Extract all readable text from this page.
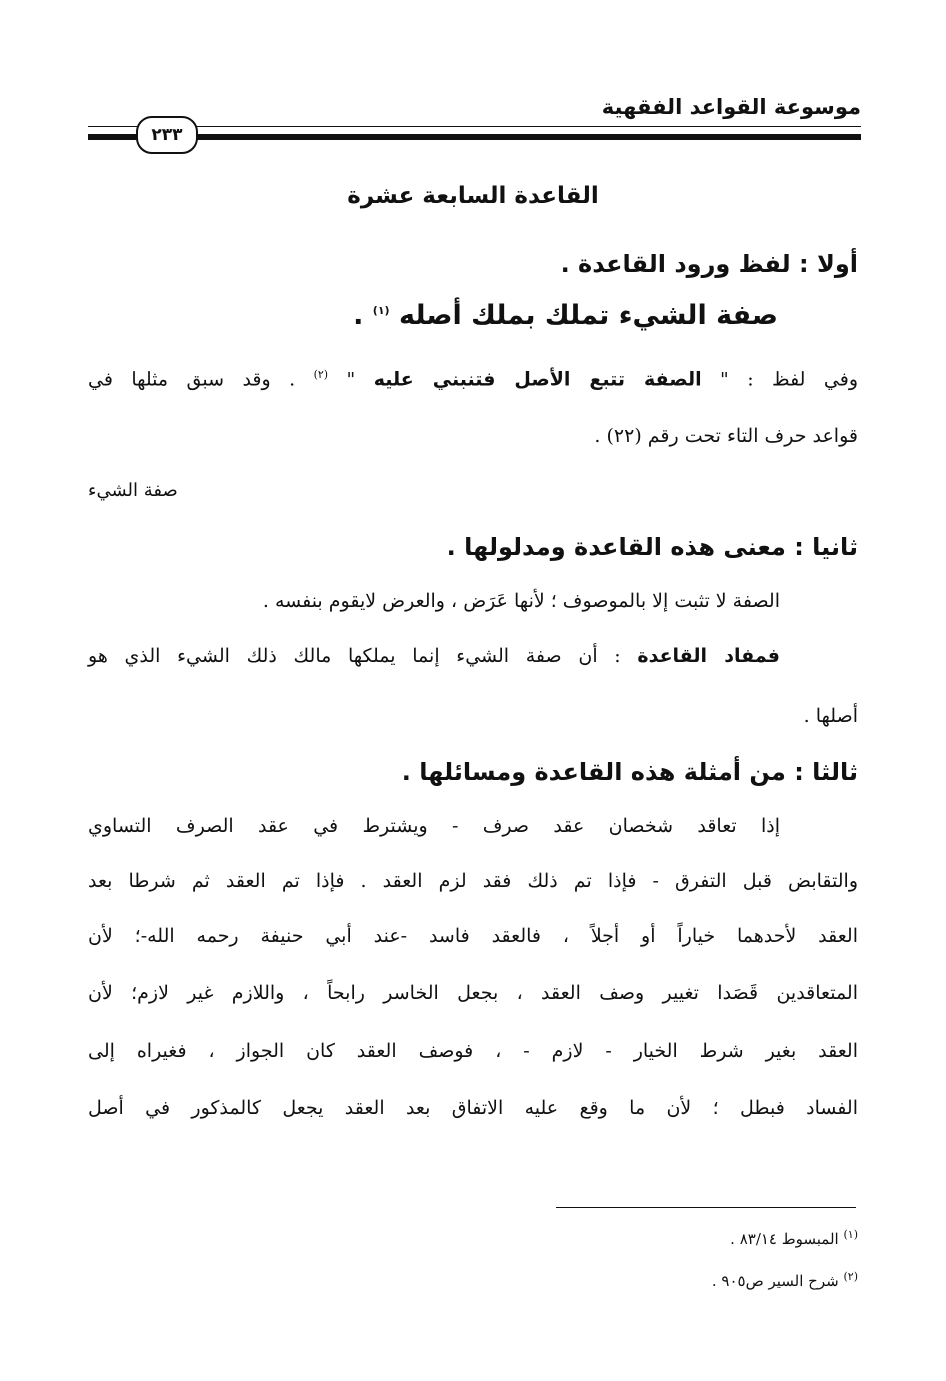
موسوعة القواعد الفقهية
٢٣٣
القاعدة السابعة عشرة
أولا : لفظ ورود القاعدة .
صفة الشيء تملك بملك أصله $^{(١)}$ .
وفي لفظ : " الصفة تتبع الأصل فتنبني عليه " $^{(٢)}$ . وقد سبق مثلها في
قواعد حرف التاء تحت رقم (٢٢) .
صفة الشيء
ثانيا : معنى هذه القاعدة ومدلولها .
الصفة لا تثبت إلا بالموصوف ؛ لأنها عَرَض ، والعرض لايقوم بنفسه .
فمفاد القاعدة : أن صفة الشيء إنما يملكها مالك ذلك الشيء الذي هو
أصلها .
ثالثا : من أمثلة هذه القاعدة ومسائلها .
إذا تعاقد شخصان عقد صرف - ويشترط في عقد الصرف التساوي
والتقابض قبل التفرق - فإذا تم ذلك فقد لزم العقد . فإذا تم العقد ثم شرطا بعد
العقد لأحدهما خياراً أو أجلاً ، فالعقد فاسد -عند أبي حنيفة رحمه الله-؛ لأن
المتعاقدين قَصَدا تغيير وصف العقد ، بجعل الخاسر رابحاً ، واللازم غير لازم؛ لأن
العقد بغير شرط الخيار - لازم - ، فوصف العقد كان الجواز ، فغيراه إلى
الفساد فبطل ؛ لأن ما وقع عليه الاتفاق بعد العقد يجعل كالمذكور في أصل
$^{(١)}$ المبسوط ٨٣/١٤ .
$^{(٢)}$ شرح السير ص٩٠٥ .
